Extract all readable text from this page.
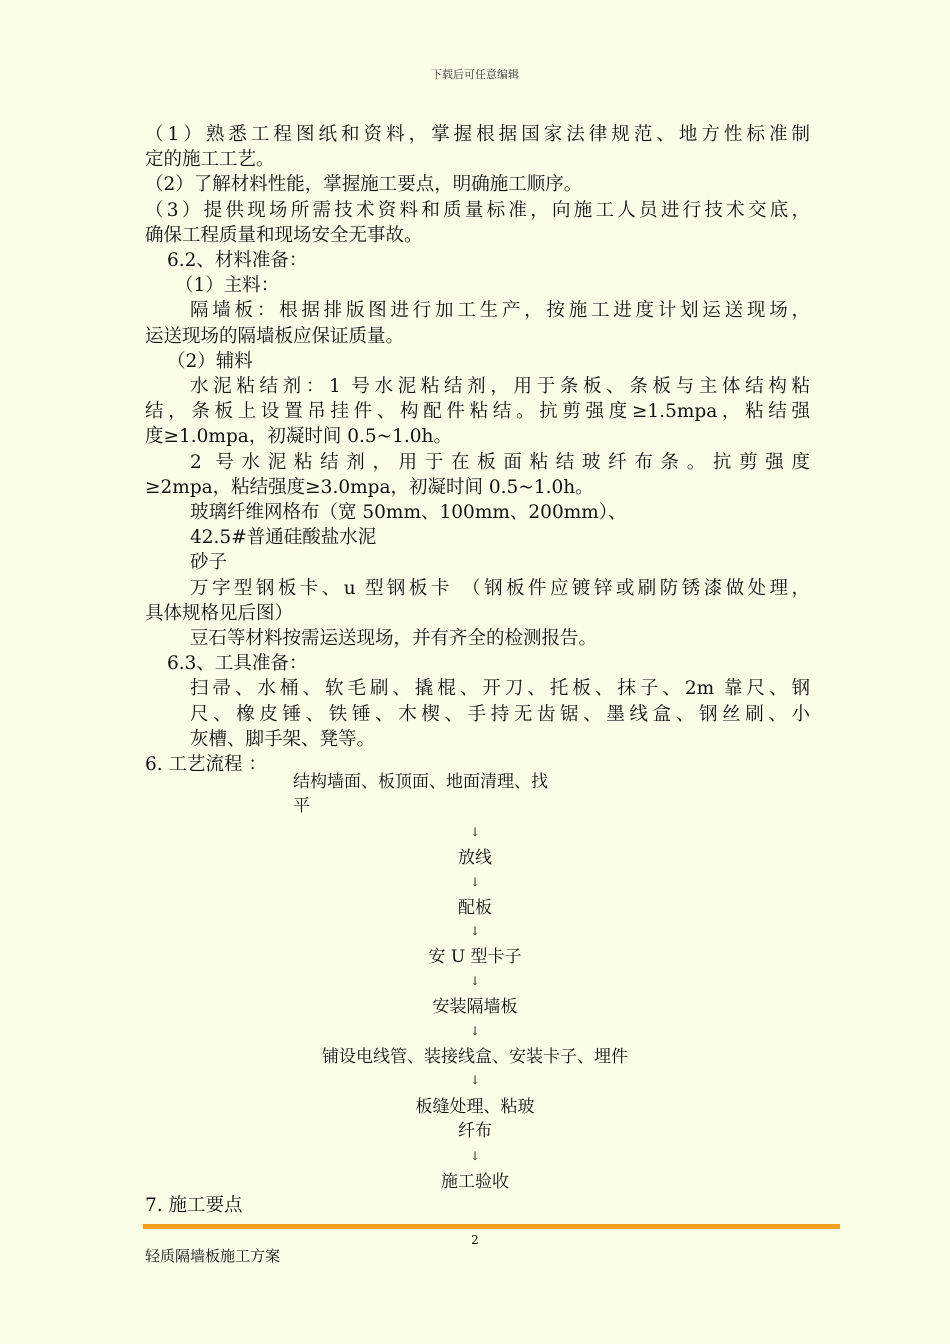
下载后可任意编辑

（1）熟悉工程图纸和资料，掌握根据国家法律规范、地方性标准制

定的施工工艺。

（2）了解材料性能，掌握施工要点，明确施工顺序。

（3）提供现场所需技术资料和质量标准，向施工人员进行技术交底，

确保工程质量和现场安全无事故。

6.2、材料准备：

（1）主料：

隔墙板：根据排版图进行加工生产，按施工进度计划运送现场，

运送现场的隔墙板应保证质量。

（2）辅料

水泥粘结剂：1 号水泥粘结剂，用于条板、条板与主体结构粘

结，条板上设置吊挂件、构配件粘结。抗剪强度≥1.5mpa，粘结强

度≥1.0mpa，初凝时间 0.5~1.0h。

2 号水泥粘结剂，用于在板面粘结玻纤布条。抗剪强度

≥2mpa，粘结强度≥3.0mpa，初凝时间 0.5~1.0h。

玻璃纤维网格布（宽 50mm、100mm、200mm）、

42.5#普通硅酸盐水泥

砂子

万字型钢板卡、u 型钢板卡 （钢板件应镀锌或刷防锈漆做处理，

具体规格见后图）

豆石等材料按需运送现场，并有齐全的检测报告。

6.3、工具准备：

扫帚、水桶、软毛刷、撬棍、开刀、托板、抹子、2m 靠尺、钢

尺、橡皮锤、铁锤、木楔、手持无齿锯、墨线盒、钢丝刷、小

灰槽、脚手架、凳等。

6. 工艺流程 ：

结构墙面、板顶面、地面清理、找
平
↓
放线
↓
配板
↓
安 U 型卡子
↓
安装隔墙板
↓
铺设电线管、装接线盒、安装卡子、埋件
↓
板缝处理、粘玻
纤布
↓
施工验收
7. 施工要点
2
轻质隔墙板施工方案
